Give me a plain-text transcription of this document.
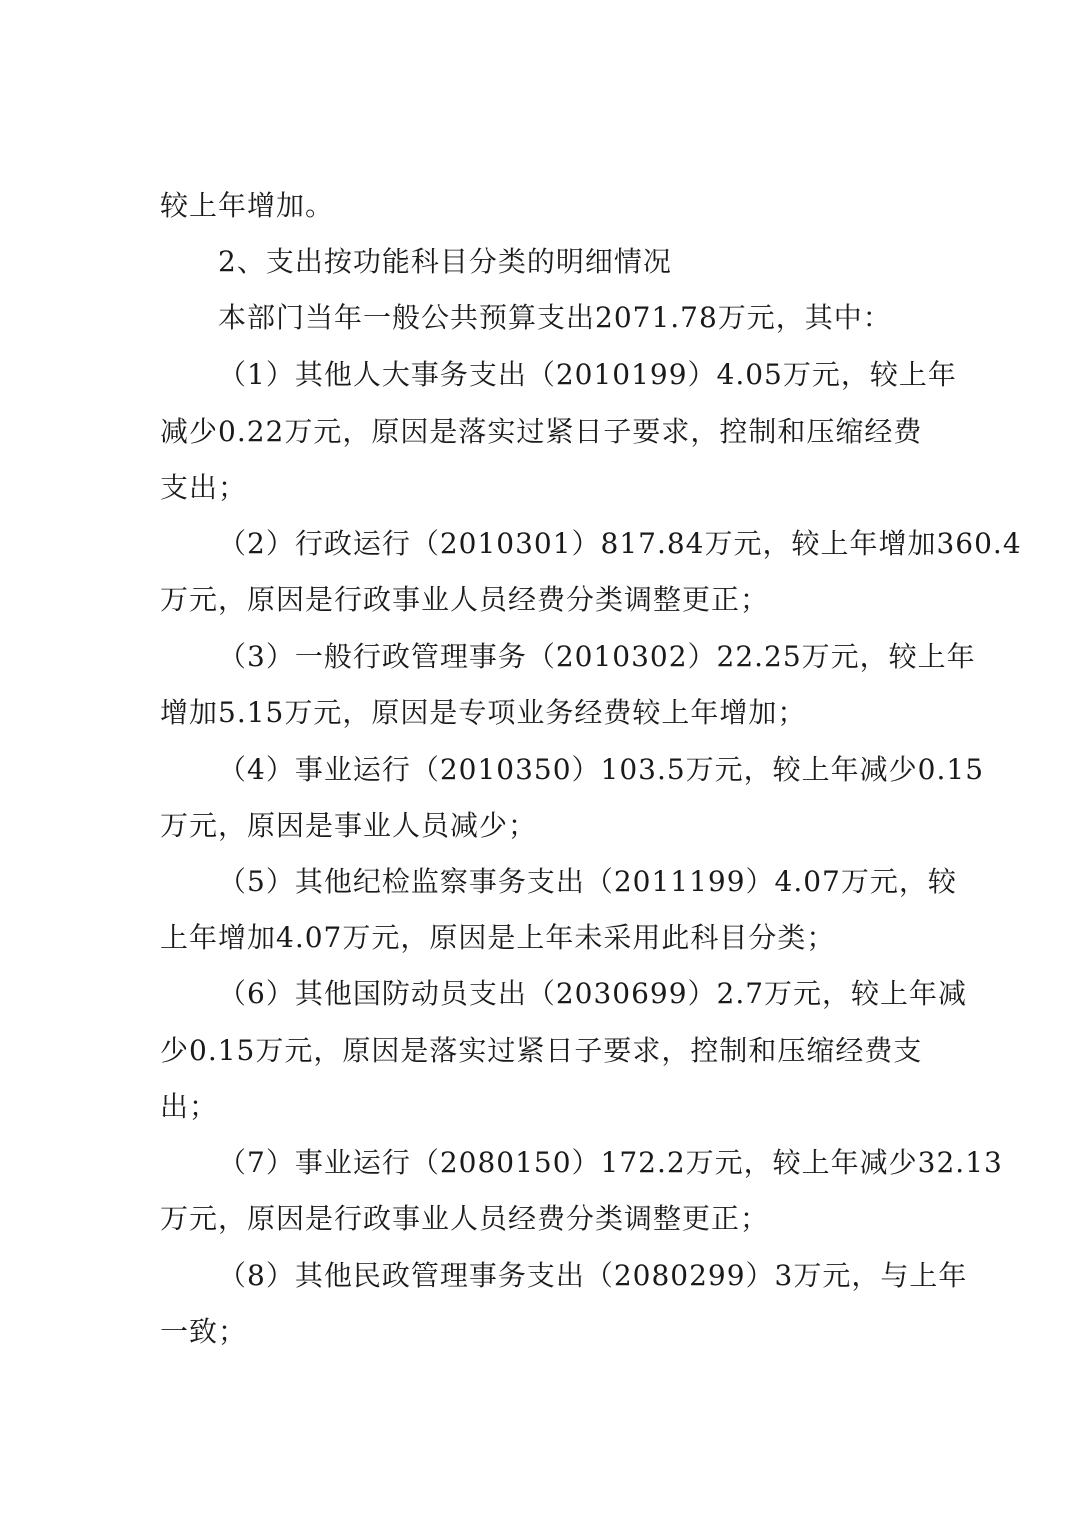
较上年增加。

2、支出按功能科目分类的明细情况

本部门当年一般公共预算支出2071.78万元，其中：

（1）其他人大事务支出（2010199）4.05万元，较上年

减少0.22万元，原因是落实过紧日子要求，控制和压缩经费

支出；

（2）行政运行（2010301）817.84万元，较上年增加360.4

万元，原因是行政事业人员经费分类调整更正；

（3）一般行政管理事务（2010302）22.25万元，较上年

增加5.15万元，原因是专项业务经费较上年增加；

（4）事业运行（2010350）103.5万元，较上年减少0.15

万元，原因是事业人员减少；

（5）其他纪检监察事务支出（2011199）4.07万元，较

上年增加4.07万元，原因是上年未采用此科目分类；

（6）其他国防动员支出（2030699）2.7万元，较上年减

少0.15万元，原因是落实过紧日子要求，控制和压缩经费支

出；

（7）事业运行（2080150）172.2万元，较上年减少32.13

万元，原因是行政事业人员经费分类调整更正；

（8）其他民政管理事务支出（2080299）3万元，与上年

一致；
